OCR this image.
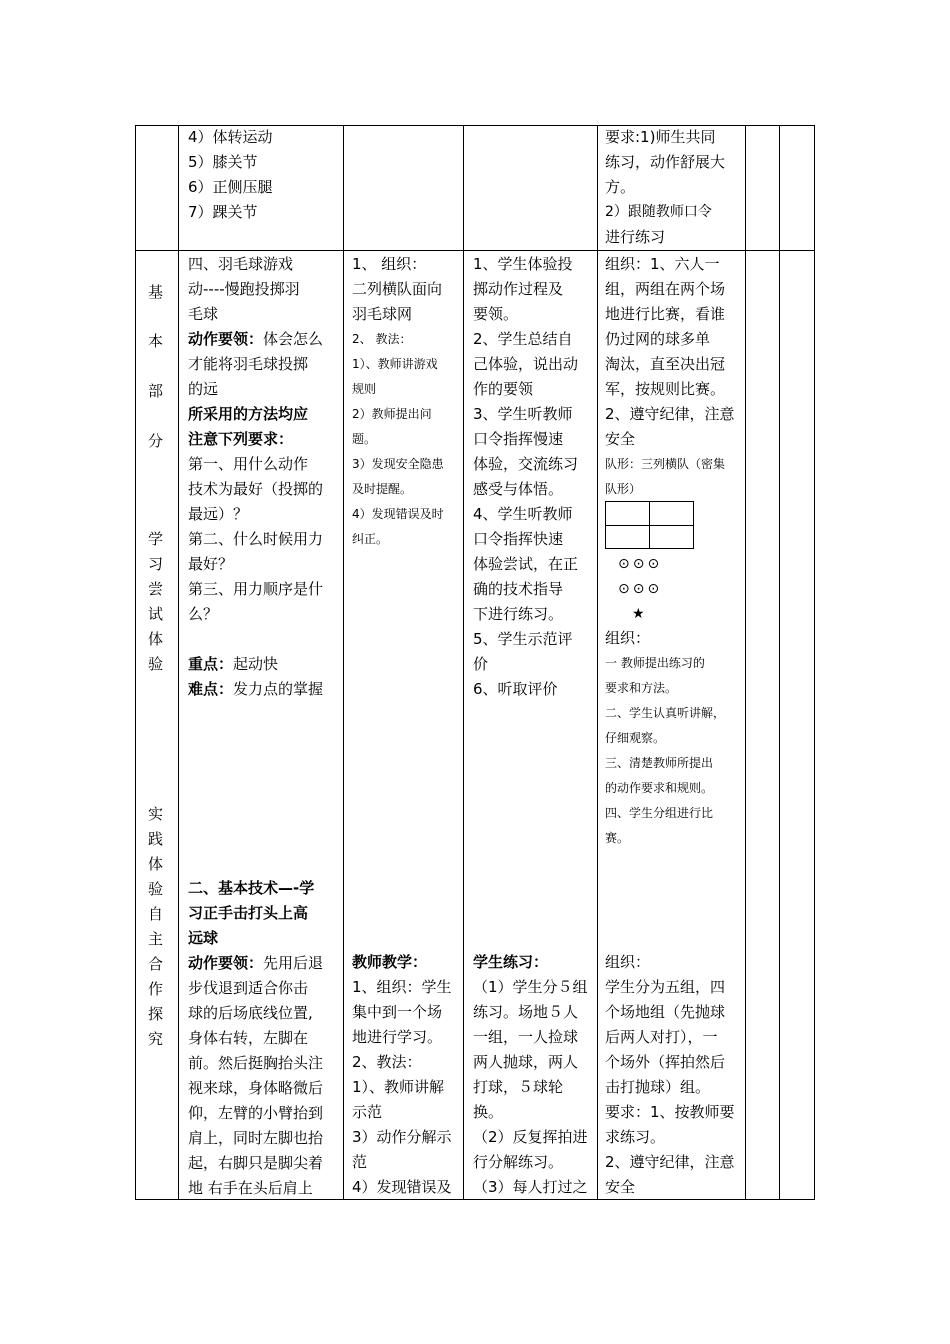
4）体转运动
5）膝关节
6）正侧压腿
7）踝关节
要求:1)师生共同
练习，动作舒展大
方。
2）跟随教师口令
进行练习
基
本
部
分
学
习
尝
试
体
验
实
践
体
验
自
主
合
作
探
究
四、羽毛球游戏
动----慢跑投掷羽
毛球
动作要领：体会怎么
才能将羽毛球投掷
的远
所采用的方法均应
注意下列要求：
第一、用什么动作
技术为最好（投掷的
最远）？
第二、什么时候用力
最好？
第三、用力顺序是什
么？

重点：起动快
难点：发力点的掌握
二、基本技术—-学
习正手击打头上高
远球
动作要领：先用后退
步伐退到适合你击
球的后场底线位置,
身体右转，左脚在
前。然后挺胸抬头注
视来球，身体略微后
仰，左臂的小臂抬到
肩上，同时左脚也抬
起，右脚只是脚尖着
地 右手在头后肩上
1、 组织：
二列横队面向
羽毛球网
2、 教法：
1）、教师讲游戏
规则
2）教师提出问
题。
3）发现安全隐患
及时提醒。
4）发现错误及时
纠正。
教师教学：
1、组织：学生
集中到一个场
地进行学习。
2、教法：
1）、教师讲解
示范
3）动作分解示
范
4）发现错误及
1、学生体验投
掷动作过程及
要领。
2、学生总结自
己体验，说出动
作的要领
3、学生听教师
口令指挥慢速
体验，交流练习
感受与体悟。
4、学生听教师
口令指挥快速
体验尝试，在正
确的技术指导
下进行练习。
5、学生示范评
价
6、听取评价
学生练习：
（1）学生分５组
练习。场地５人
一组，一人捡球
两人抛球，两人
打球，５球轮
换。
（2）反复挥拍进
行分解练习。
（3）每人打过之
组织：1、六人一
组，两组在两个场
地进行比赛，看谁
仍过网的球多单
淘汰，直至决出冠
军，按规则比赛。
2、遵守纪律，注意
安全
队形：三列横队（密集
队形）
⊙⊙⊙
⊙⊙⊙
★
组织：
一 教师提出练习的
要求和方法。
二、学生认真听讲解，
仔细观察。
三、清楚教师所提出
的动作要求和规则。
四、学生分组进行比
赛。
组织：
学生分为五组，四
个场地组（先抛球
后两人对打），一
个场外（挥拍然后
击打抛球）组。
要求：1、按教师要
求练习。
2、遵守纪律，注意
安全
